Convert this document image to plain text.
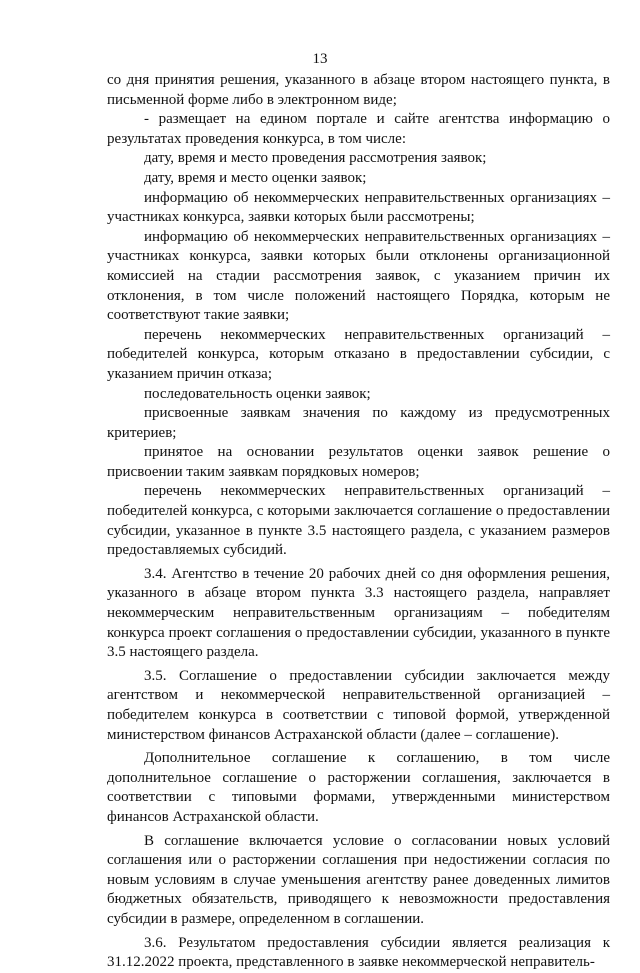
13

со дня принятия решения, указанного в абзаце втором настоящего пункта, в письменной форме либо в электронном виде;

- размещает на едином портале и сайте агентства информацию о результатах проведения конкурса, в том числе:

дату, время и место проведения рассмотрения заявок;

дату, время и место оценки заявок;

информацию об некоммерческих неправительственных организациях – участниках конкурса, заявки которых были рассмотрены;

информацию об некоммерческих неправительственных организациях – участниках конкурса, заявки которых были отклонены организационной комиссией на стадии рассмотрения заявок, с указанием причин их отклонения, в том числе положений настоящего Порядка, которым не соответствуют такие заявки;

перечень некоммерческих неправительственных организаций – победителей конкурса, которым отказано в предоставлении субсидии, с указанием причин отказа;

последовательность оценки заявок;

присвоенные заявкам значения по каждому из предусмотренных критериев;

принятое на основании результатов оценки заявок решение о присвоении таким заявкам порядковых номеров;

перечень некоммерческих неправительственных организаций – победителей конкурса, с которыми заключается соглашение о предоставлении субсидии, указанное в пункте 3.5 настоящего раздела, с указанием размеров предоставляемых субсидий.

3.4. Агентство в течение 20 рабочих дней со дня оформления решения, указанного в абзаце втором пункта 3.3 настоящего раздела, направляет некоммерческим неправительственным организациям – победителям конкурса проект соглашения о предоставлении субсидии, указанного в пункте 3.5 настоящего раздела.

3.5. Соглашение о предоставлении субсидии заключается между агентством и некоммерческой неправительственной организацией – победителем конкурса в соответствии с типовой формой, утвержденной министерством финансов Астраханской области (далее – соглашение).

Дополнительное соглашение к соглашению, в том числе дополнительное соглашение о расторжении соглашения, заключается в соответствии с типовыми формами, утвержденными министерством финансов Астраханской области.

В соглашение включается условие о согласовании новых условий соглашения или о расторжении соглашения при недостижении согласия по новым условиям в случае уменьшения агентству ранее доведенных лимитов бюджетных обязательств, приводящего к невозможности предоставления субсидии в размере, определенном в соглашении.

3.6. Результатом предоставления субсидии является реализация к 31.12.2022 проекта, представленного в заявке некоммерческой неправитель-
